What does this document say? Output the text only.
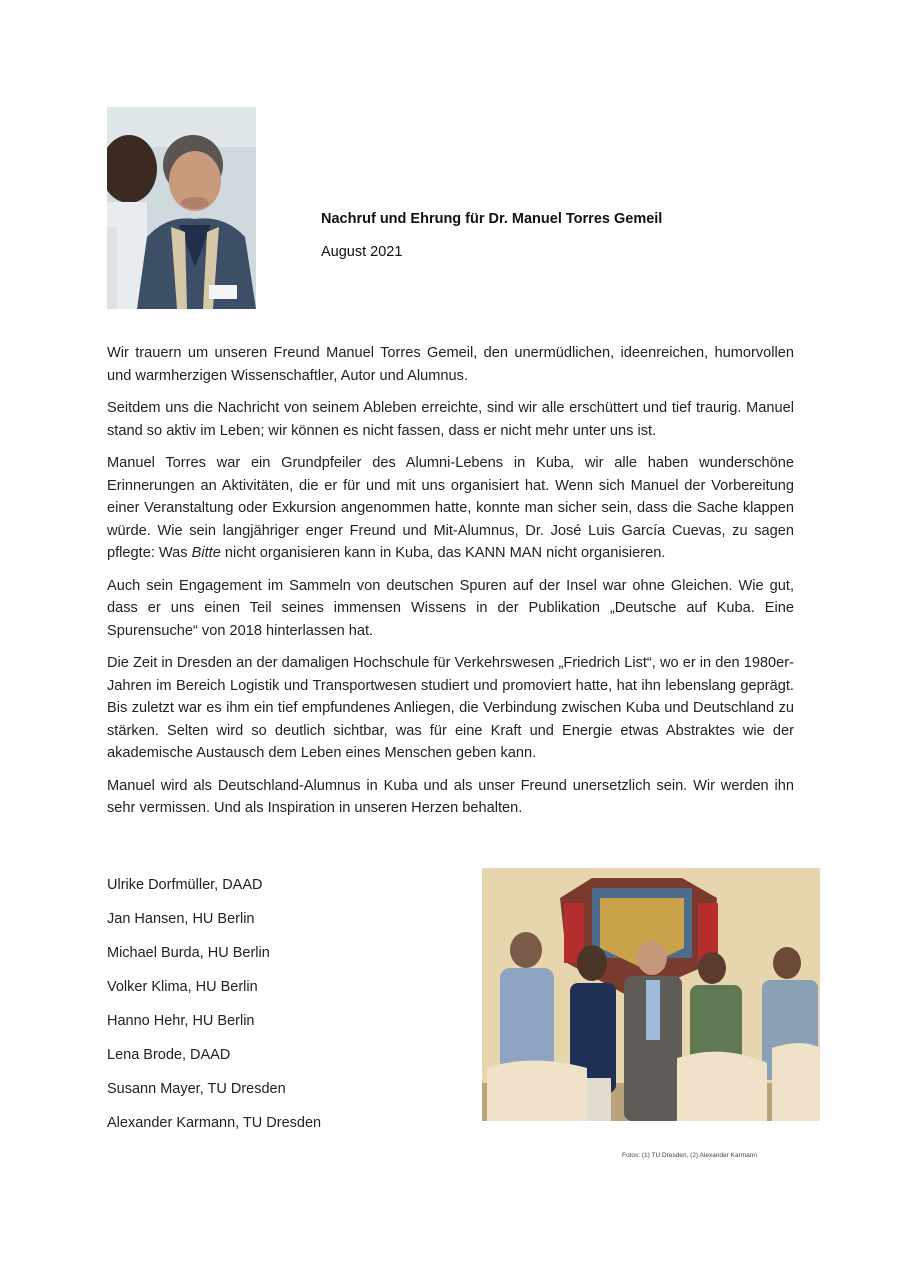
Nachruf und Ehrung für Dr. Manuel Torres Gemeil
August 2021

Wir trauern um unseren Freund Manuel Torres Gemeil, den unermüdlichen, ideenreichen, humorvollen und warmherzigen Wissenschaftler, Autor und Alumnus.

Seitdem uns die Nachricht von seinem Ableben erreichte, sind wir alle erschüttert und tief traurig. Manuel stand so aktiv im Leben; wir können es nicht fassen, dass er nicht mehr unter uns ist.

Manuel Torres war ein Grundpfeiler des Alumni-Lebens in Kuba, wir alle haben wunderschöne Erinnerungen an Aktivitäten, die er für und mit uns organisiert hat. Wenn sich Manuel der Vorbereitung einer Veranstaltung oder Exkursion angenommen hatte, konnte man sicher sein, dass die Sache klappen würde. Wie sein langjähriger enger Freund und Mit-Alumnus, Dr. José Luis García Cuevas, zu sagen pflegte: Was Bitte nicht organisieren kann in Kuba, das KANN MAN nicht organisieren.

Auch sein Engagement im Sammeln von deutschen Spuren auf der Insel war ohne Gleichen. Wie gut, dass er uns einen Teil seines immensen Wissens in der Publikation „Deutsche auf Kuba. Eine Spurensuche“ von 2018 hinterlassen hat.

Die Zeit in Dresden an der damaligen Hochschule für Verkehrswesen „Friedrich List“, wo er in den 1980er-Jahren im Bereich Logistik und Transportwesen studiert und promoviert hatte, hat ihn lebenslang geprägt. Bis zuletzt war es ihm ein tief empfundenes Anliegen, die Verbindung zwischen Kuba und Deutschland zu stärken. Selten wird so deutlich sichtbar, was für eine Kraft und Energie etwas Abstraktes wie der akademische Austausch dem Leben eines Menschen geben kann.

Manuel wird als Deutschland-Alumnus in Kuba und als unser Freund unersetzlich sein. Wir werden ihn sehr vermissen. Und als Inspiration in unseren Herzen behalten.

Ulrike Dorfmüller, DAAD
Jan Hansen, HU Berlin
Michael Burda, HU Berlin
Volker Klima, HU Berlin
Hanno Hehr, HU Berlin
Lena Brode, DAAD
Susann Mayer, TU Dresden
Alexander Karmann, TU Dresden
Fotos: (1) TU Dresden, (2) Alexander Karmann
